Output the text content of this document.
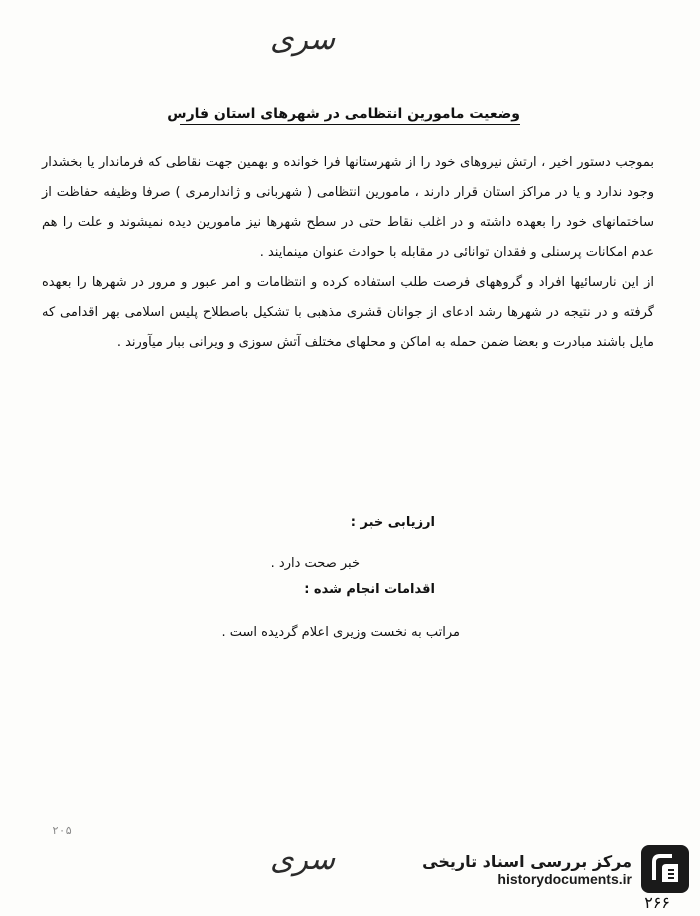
سری
وضعیت مامورین انتظامی در شهرهای استان فارس

بموجب دستور اخیر ، ارتش نیروهای خود را از شهرستانها فرا خوانده و بهمین جهت نقاطی که فرماندار یا بخشدار وجود ندارد و یا در مراکز استان قرار دارند ، مامورین انتظامی ( شهربانی و ژاندارمری ) صرفا وظیفه حفاظت از ساختمانهای خود را بعهده داشته و در اغلب نقاط حتی در سطح شهرها نیز مامورین دیده نمیشوند و علت را هم عدم امکانات پرسنلی و فقدان توانائی در مقابله با حوادث عنوان مینمایند .

از این نارسائیها افراد و گروههای فرصت طلب استفاده کرده و انتظامات و امر عبور و مرور در شهرها را بعهده گرفته و در نتیجه در شهرها رشد ادعای از جوانان قشری مذهبی با تشکیل باصطلاح پلیس اسلامی بهر اقدامی که مایل باشند مبادرت و بعضا ضمن حمله به اماکن و محلهای مختلف آتش سوزی و ویرانی ببار میآورند .

ارزیابی خبر :
خبر صحت دارد .
اقدامات انجام شده :
مراتب به نخست وزیری اعلام گردیده است .
۲۰۵
سری	مرکز بررسی اسناد تاریخی
historydocuments.ir
۲۶۶
